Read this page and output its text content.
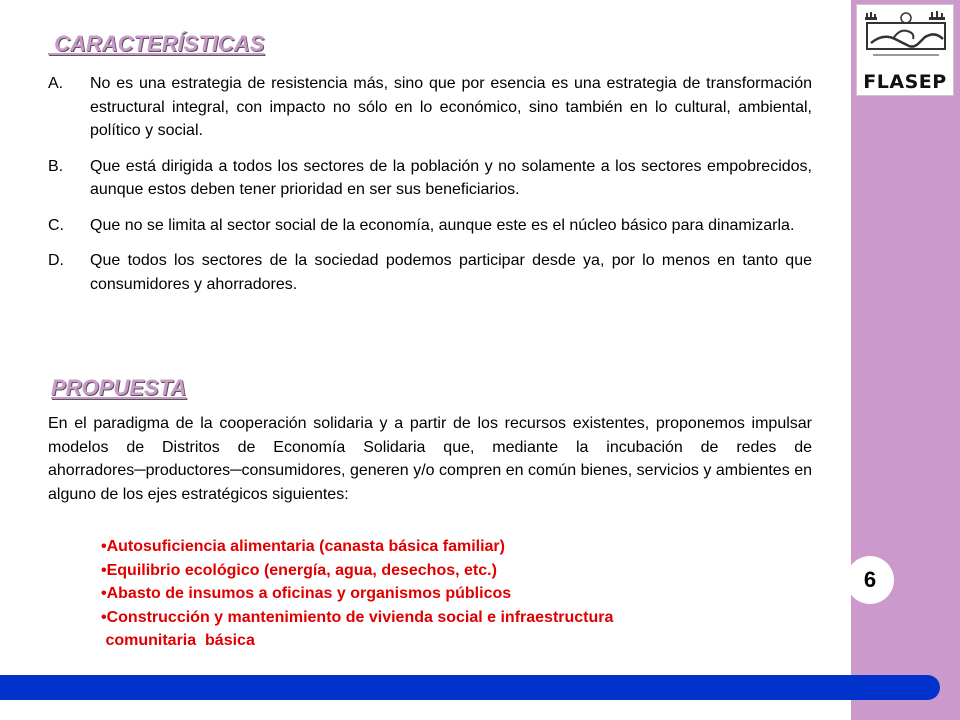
FLASEP
6
CARACTERÍSTICAS
A. No es una estrategia de resistencia más, sino que por esencia es una estrategia de transformación estructural integral, con impacto no sólo en lo económico, sino también en lo cultural, ambiental, político y social.
B. Que está dirigida a todos los sectores de la población y no solamente a los sectores empobrecidos, aunque estos deben tener prioridad en ser sus beneficiarios.
C. Que no se limita al sector social de la economía, aunque este es el núcleo básico para dinamizarla.
D. Que todos los sectores de la sociedad podemos participar desde ya, por lo menos en tanto que consumidores y ahorradores.
PROPUESTA
En el paradigma de la cooperación solidaria y a partir de los recursos existentes, proponemos impulsar modelos de Distritos de Economía Solidaria que, mediante la incubación de redes de ahorradores─productores─consumidores, generen y/o compren en común bienes, servicios y ambientes en alguno de los ejes estratégicos siguientes:
•Autosuficiencia alimentaria (canasta básica familiar)
•Equilibrio ecológico (energía, agua, desechos, etc.)
•Abasto de insumos a oficinas y organismos públicos
•Construcción y mantenimiento de vivienda social e infraestructura
comunitaria  básica
